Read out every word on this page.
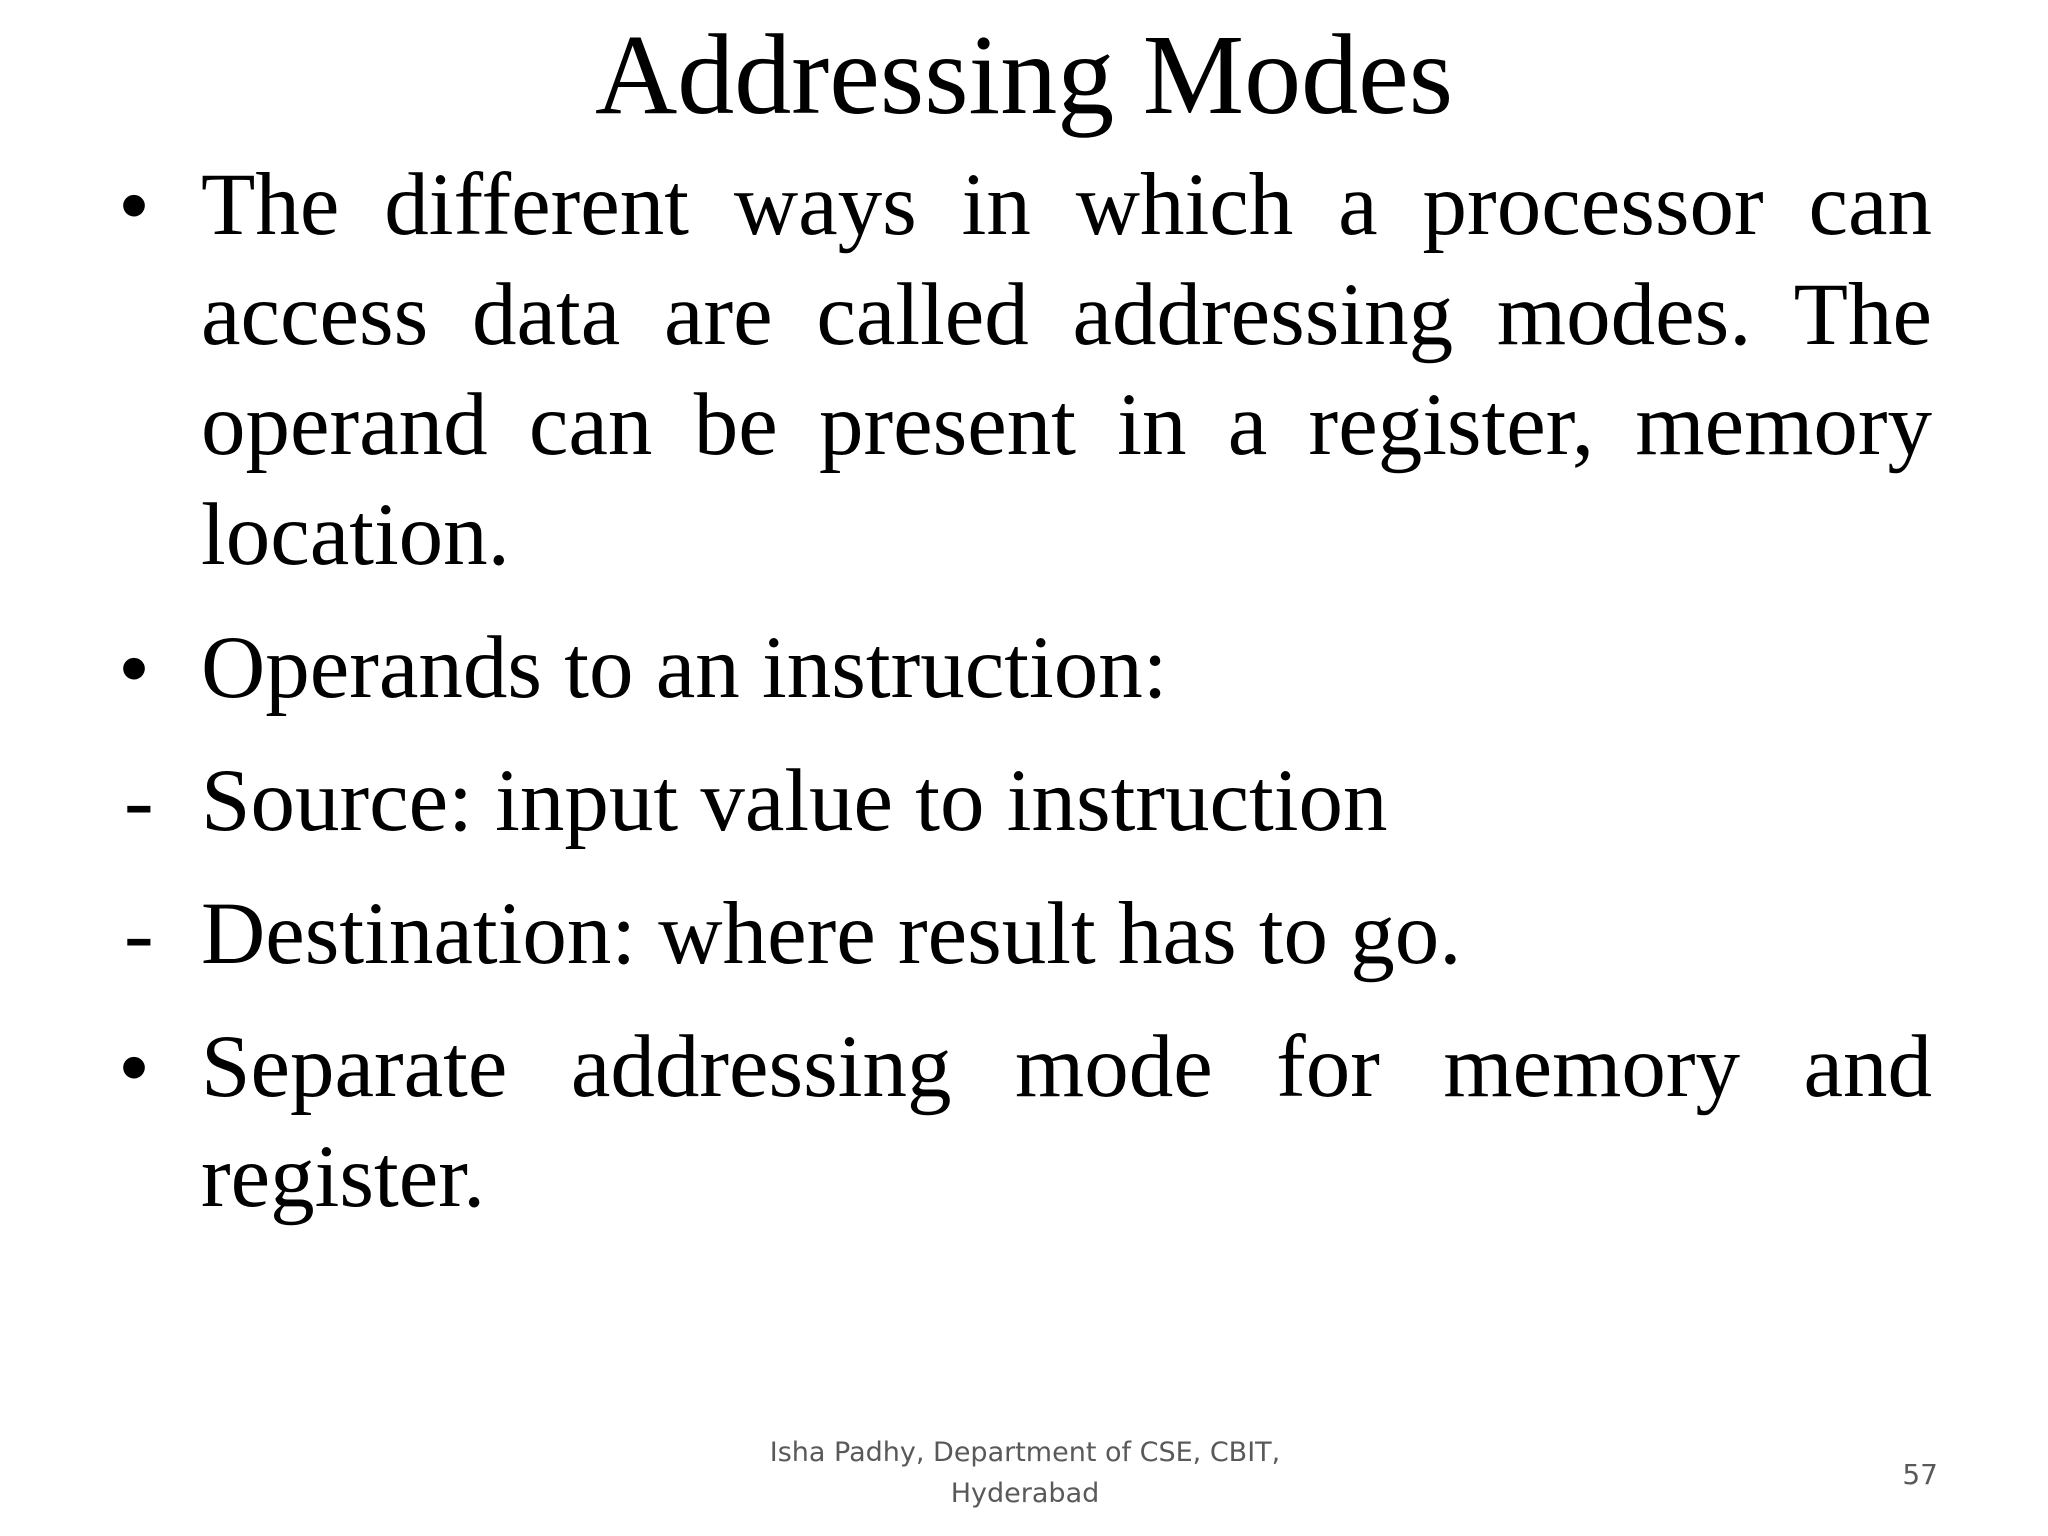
Addressing Modes
• The different ways in which a processor can access data are called addressing modes. The operand can be present in a register, memory location.
• Operands to an instruction:
- Source: input value to instruction
- Destination: where result has to go.
• Separate addressing mode for memory and register.
Isha Padhy, Department of CSE, CBIT,
Hyderabad
57
